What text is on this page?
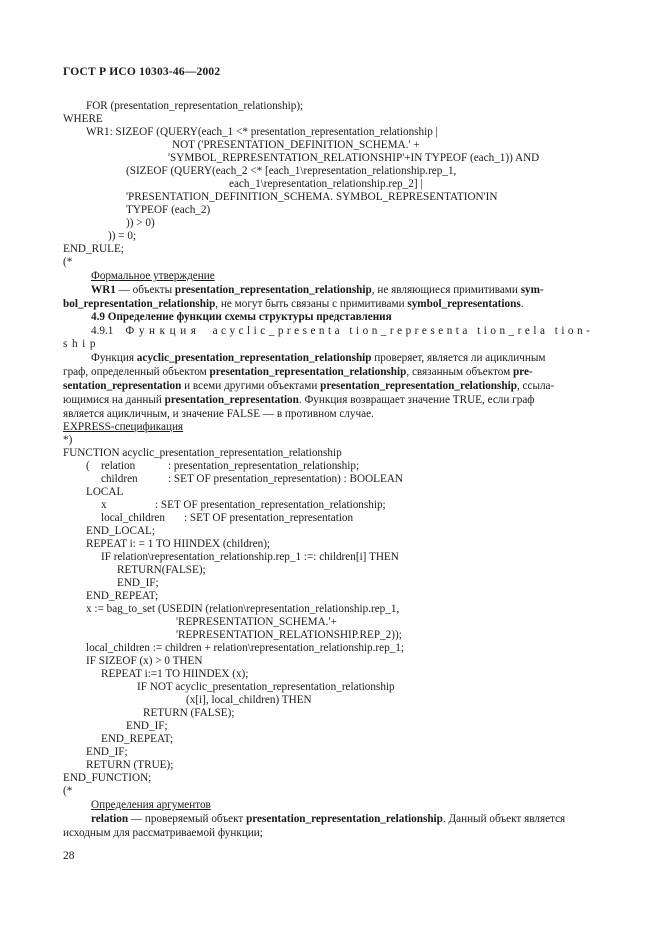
ГОСТ Р ИСО 10303-46—2002
FOR (presentation_representation_relationship);
WHERE
WR1: SIZEOF (QUERY(each_1 <* presentation_representation_relationship |
NOT ('PRESENTATION_DEFINITION_SCHEMA.' +
'SYMBOL_REPRESENTATION_RELATIONSHIP'+IN TYPEOF (each_1)) AND
(SIZEOF (QUERY(each_2 <* [each_1\representation_relationship.rep_1,
each_1\representation_relationship.rep_2] |
'PRESENTATION_DEFINITION_SCHEMA. SYMBOL_REPRESENTATION'IN
TYPEOF (each_2)
)) > 0)
)) = 0;
END_RULE;
(*
Формальное утверждение
WR1 — объекты presentation_representation_relationship, не являющиеся примитивами sym-
bol_representation_relationship, не могут быть связаны с примитивами symbol_representations.
4.9 Определение функции схемы структуры представления
4.9.1 Функция acyclic_presenta tion_representa tion_rela tion-
ship
Функция acyclic_presentation_representation_relationship проверяет, является ли ацикличным
граф, определенный объектом presentation_representation_relationship, связанным объектом pre-
sentation_representation и всеми другими объектами presentation_representation_relationship, ссыла-
ющимися на данный presentation_representation. Функция возвращает значение TRUE, если граф
является ацикличным, и значение FALSE — в противном случае.
EXPRESS-спецификация
*)
FUNCTION acyclic_presentation_representation_relationship
( relation	: presentation_representation_relationship;
children	: SET OF presentation_representation) : BOOLEAN
LOCAL
x	: SET OF presentation_representation_relationship;
local_children : SET OF presentation_representation
END_LOCAL;
REPEAT i: = 1 TO HIINDEX (children);
IF relation\representation_relationship.rep_1 :=: children[i] THEN
RETURN(FALSE);
END_IF;
END_REPEAT;
x := bag_to_set (USEDIN (relation\representation_relationship.rep_1,
'REPRESENTATION_SCHEMA.'+
'REPRESENTATION_RELATIONSHIP.REP_2));
local_children := children + relation\representation_relationship.rep_1;
IF SIZEOF (x) > 0 THEN
REPEAT i:=1 TO HIINDEX (x);
IF NOT acyclic_presentation_representation_relationship
(x[i], local_children) THEN
RETURN (FALSE);
END_IF;
END_REPEAT;
END_IF;
RETURN (TRUE);
END_FUNCTION;
(*
Определения аргументов
relation — проверяемый объект presentation_representation_relationship. Данный объект является
исходным для рассматриваемой функции;
28
